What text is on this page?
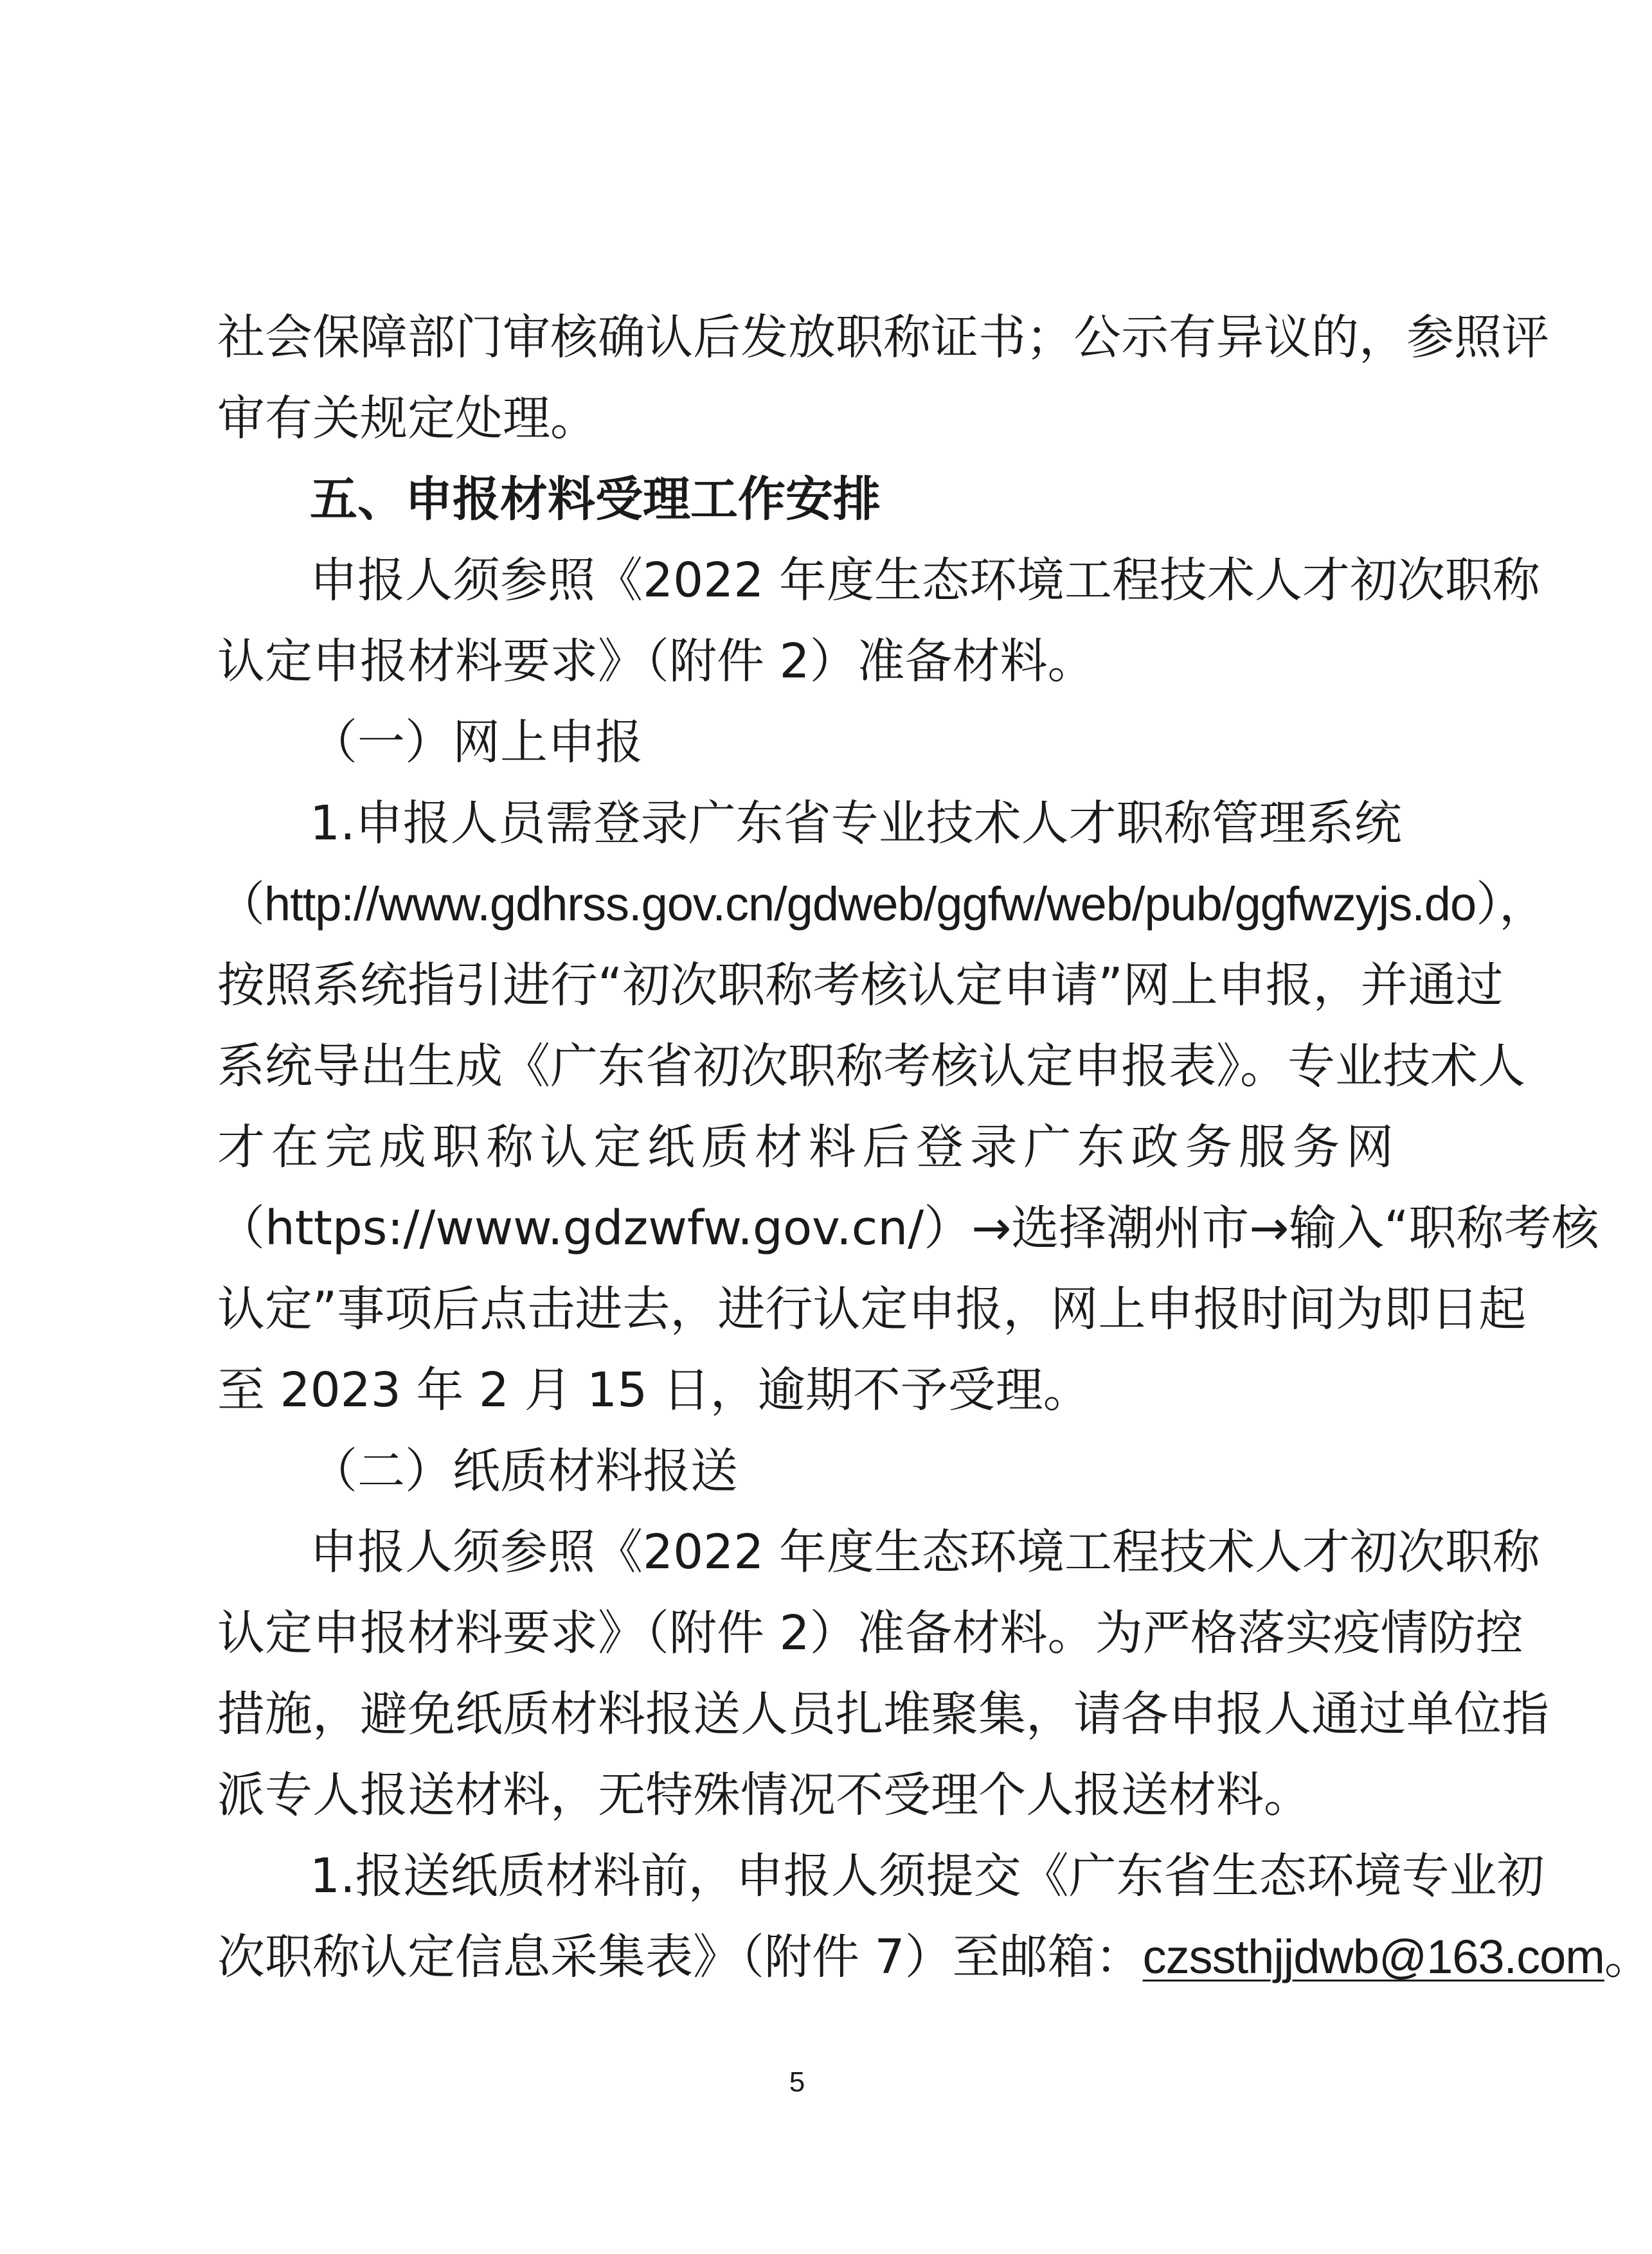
社会保障部门审核确认后发放职称证书；公示有异议的，参照评
审有关规定处理。
五、申报材料受理工作安排
申报人须参照《2022 年度生态环境工程技术人才初次职称
认定申报材料要求》（附件 2）准备材料。
（一）网上申报
1.申报人员需登录广东省专业技术人才职称管理系统
（http://www.gdhrss.gov.cn/gdweb/ggfw/web/pub/ggfwzyjs.do），
按照系统指引进行“初次职称考核认定申请”网上申报，并通过
系统导出生成《广东省初次职称考核认定申报表》。专业技术人
才在完成职称认定纸质材料后登录广东政务服务网
（https://www.gdzwfw.gov.cn/）→选择潮州市→输入“职称考核
认定”事项后点击进去，进行认定申报，网上申报时间为即日起
至 2023 年 2 月 15 日，逾期不予受理。
（二）纸质材料报送
申报人须参照《2022 年度生态环境工程技术人才初次职称
认定申报材料要求》（附件 2）准备材料。为严格落实疫情防控
措施，避免纸质材料报送人员扎堆聚集，请各申报人通过单位指
派专人报送材料，无特殊情况不受理个人报送材料。
1.报送纸质材料前，申报人须提交《广东省生态环境专业初
次职称认定信息采集表》（附件 7）至邮箱：czssthjjdwb@163.com。
5
